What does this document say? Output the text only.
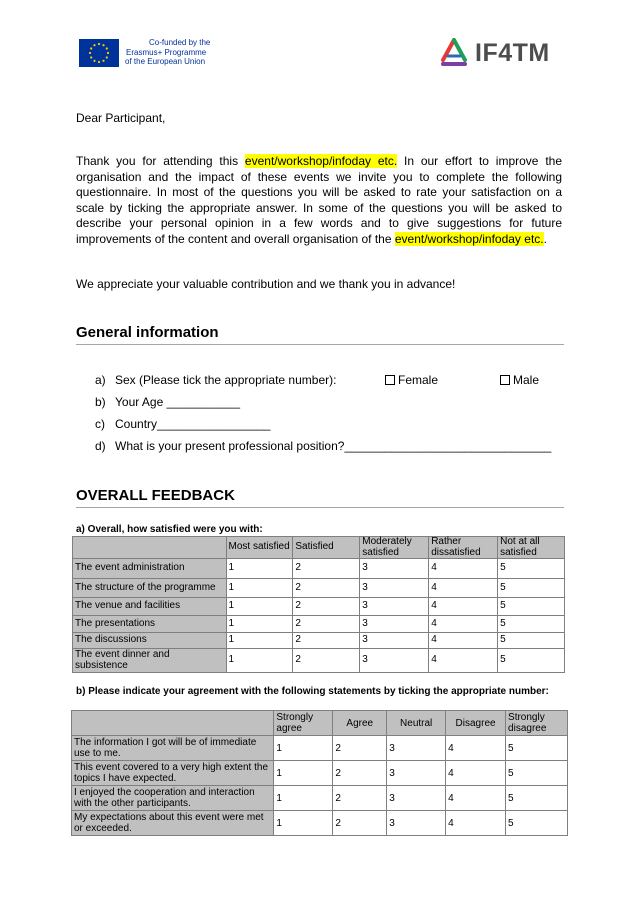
Co-funded by the
Erasmus+ Programme
of the European Union	IF4TM
Dear Participant,
Thank you for attending this event/workshop/infoday etc. In our effort to improve the organisation and the impact of these events we invite you to complete the following questionnaire. In most of the questions you will be asked to rate your satisfaction on a scale by ticking the appropriate answer. In some of the questions you will be asked to describe your personal opinion in a few words and to give suggestions for future improvements of the content and overall organisation of the event/workshop/infoday etc..
We appreciate your valuable contribution and we thank you in advance!
General information
a) Sex (Please tick the appropriate number):	Female	Male
b) Your Age ___________
c) Country_________________
d) What is your present professional position?_______________________________
OVERALL FEEDBACK
a) Overall, how satisfied were you with:
	Most satisfied	Satisfied	Moderately satisfied	Rather dissatisfied	Not at all satisfied
The event administration	1	2	3	4	5
The structure of the programme	1	2	3	4	5
The venue and facilities	1	2	3	4	5
The presentations	1	2	3	4	5
The discussions	1	2	3	4	5
The event dinner and subsistence	1	2	3	4	5
b) Please indicate your agreement with the following statements by ticking the appropriate number:
	Strongly agree	Agree	Neutral	Disagree	Strongly disagree
The information I got will be of immediate use to me.	1	2	3	4	5
This event covered to a very high extent the topics I have expected.	1	2	3	4	5
I enjoyed the cooperation and interaction with the other participants.	1	2	3	4	5
My expectations about this event were met or exceeded.	1	2	3	4	5
